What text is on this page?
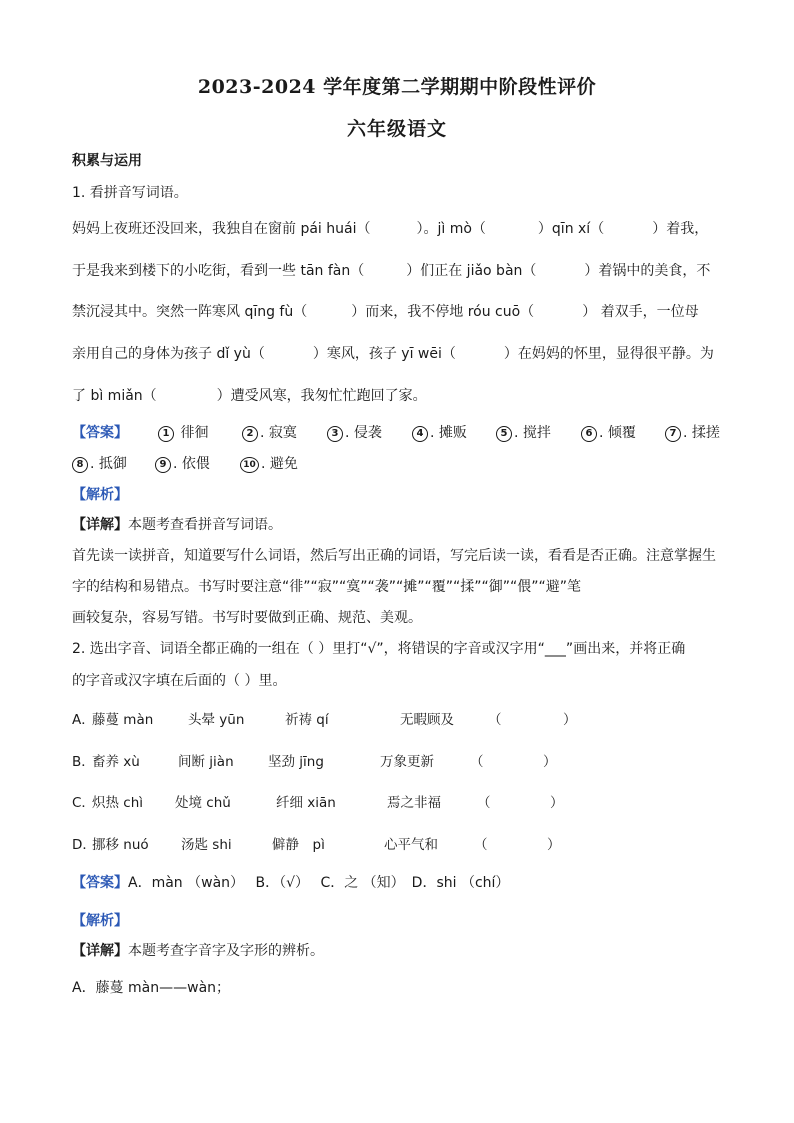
2023-2024 学年度第二学期期中阶段性评价
六年级语文
积累与运用
1. 看拼音写词语。
妈妈上夜班还没回来，我独自在窗前 pái huái（	）。jì mò（	）qīn xí（	）着我，
于是我来到楼下的小吃街，看到一些 tān fàn（	）们正在 jiǎo bàn（	）着锅中的美食，不
禁沉浸其中。突然一阵寒风 qīng fù（	）而来，我不停地 róu cuō（	） 着双手，一位母
亲用自己的身体为孩子 dǐ yù（	）寒风，孩子 yī wēi（	）在妈妈的怀里，显得很平静。为
了 bì miǎn（	）遭受风寒，我匆忙忙跑回了家。
【答案】	1 徘徊	2 . 寂寞	3 . 侵袭	4 . 摊贩	5 . 搅拌	6 . 倾覆	7 . 揉搓
8 . 抵御	9 . 依偎	10 . 避免
【解析】
【详解】本题考查看拼音写词语。
首先读一读拼音，知道要写什么词语，然后写出正确的词语，写完后读一读，看看是否正确。注意掌握生
字的结构和易错点。书写时要注意“徘”“寂”“寞”“袭”“摊”“覆”“揉”“御”“偎”“避”笔
画较复杂，容易写错。书写时要做到正确、规范、美观。
2. 选出字音、词语全都正确的一组在（ ）里打“√”，将错误的字音或汉字用“___”画出来，并将正确
的字音或汉字填在后面的（ ）里。
A．
藤蔓 màn	头晕 yūn	祈祷 qí	无暇顾及	（	）
B．
畜养 xù	间断 jiàn	坚劲 jīng	万象更新	（	）
C．
炽热 chì 处境 chǔ	纤细 xiān	焉之非福	（	）
D．
挪移 nuó 汤匙 shi	僻静　pì	心平气和	（	）
【答案】A．màn （wàn）　 B．（√）　 C．之 （知）　D．shi （chí）
【解析】
【详解】本题考查字音字及字形的辨析。
A．藤蔓 màn——wàn；
